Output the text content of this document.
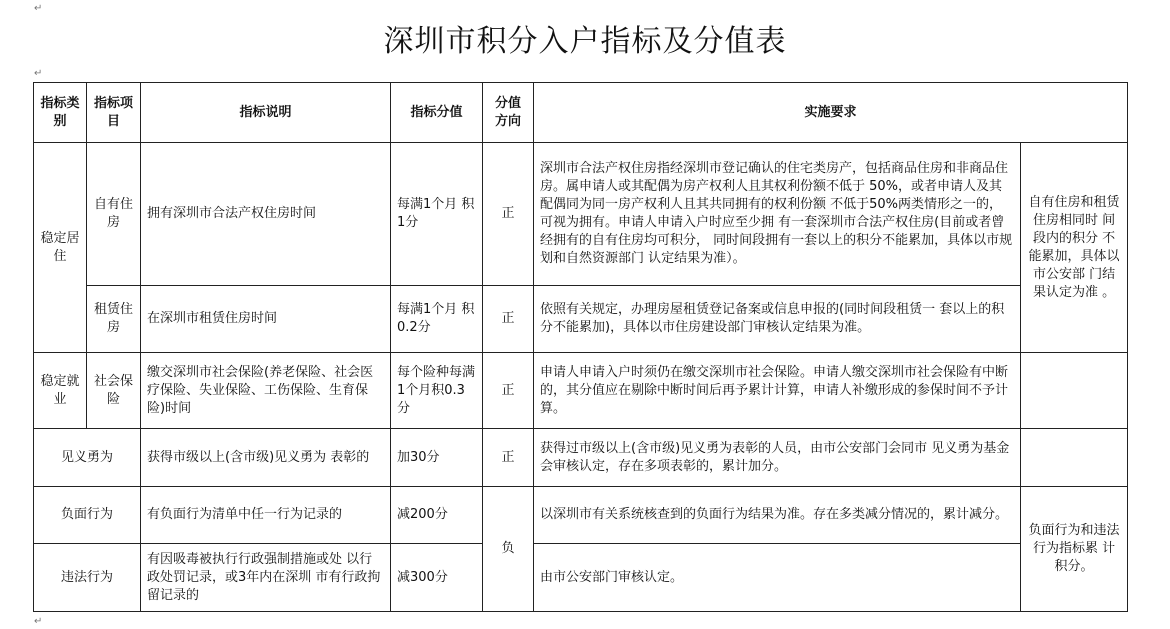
深圳市积分入户指标及分值表
指标类别	指标项目	指标说明	指标分值	分值方向	实施要求	
稳定居住	自有住房	拥有深圳市合法产权住房时间	每满1个月 积1分	正	深圳市合法产权住房指经深圳市登记确认的住宅类房产，包括商品住房和非商品住房。属申请人或其配偶为房产权利人且其权利份额不低于 50%，或者申请人及其配偶同为同一房产权利人且其共同拥有的权利份额 不低于50%两类情形之一的，可视为拥有。申请人申请入户时应至少拥 有一套深圳市合法产权住房(目前或者曾经拥有的自有住房均可积分， 同时间段拥有一套以上的积分不能累加，具体以市规划和自然资源部门 认定结果为准）。	自有住房和租赁住房相同时 间段内的积分 不能累加，具体以市公安部 门结果认定为准 。
	租赁住房	在深圳市租赁住房时间	每满1个月 积0.2分	正	依照有关规定，办理房屋租赁登记备案或信息申报的(同时间段租赁一 套以上的积分不能累加)，具体以市住房建设部门审核认定结果为准。	
稳定就业	社会保险	缴交深圳市社会保险(养老保险、社会医疗保险、失业保险、工伤保险、生育保险)时间	每个险种每满1个月积0.3分	正	申请人申请入户时须仍在缴交深圳市社会保险。申请人缴交深圳市社会保险有中断的，其分值应在剔除中断时间后再予累计计算，申请人补缴形成的参保时间不予计算。	
见义勇为		获得市级以上(含市级)见义勇为 表彰的	加30分	正	获得过市级以上(含市级)见义勇为表彰的人员，由市公安部门会同市 见义勇为基金会审核认定，存在多项表彰的，累计加分。	
负面行为		有负面行为清单中任一行为记录的	减200分	负	以深圳市有关系统核查到的负面行为结果为准。存在多类减分情况的，累计减分。	负面行为和违法行为指标累 计积分。
违法行为		有因吸毒被执行行政强制措施或处 以行政处罚记录，或3年内在深圳 市有行政拘留记录的	减300分		由市公安部门审核认定。	
↵
↵
↵
